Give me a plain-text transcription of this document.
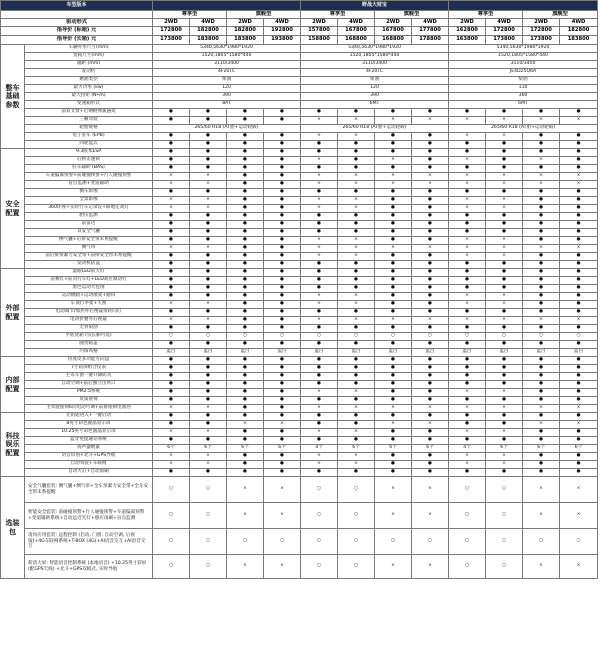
车型版本						野战大财宝							
		尊享型		旗舰型		尊享型		旗舰型		尊享型		旗舰型	
驱动形式		2WD	4WD	2WD	4WD	2WD	4WD	2WD	4WD	2WD	4WD	2WD	4WD
指导价 (标箱) 元		172800	182800	182800	192800	157800	167800	167800	177800	162800	172800	172800	182800
指导价 (长箱) 元		173800	183800	183800	193800	158800	168800	168800	178800	163800	173800	173800	183800
整车基础参数	车辆外形尺寸(mm)	5340,5630*1980*1920				5340,5630*1980*1920				5340,5630*1980*1920			
	货箱尺寸(mm)	1520,1805*1580*440				1520,1805*1580*440				1520,1805*1580*440			
	轴距 (mm)	3110/3400				3110/3400				3110/3400			
	发动机	4F20TC				4F20TC				JE4D25Q6A			
	燃油类型	柴油				柴油				柴油			
	最大功率 (kw)	120				120				110			
	最大扭矩 (N•m)	390				390				360			
	变速箱形式	8AT				6MT				6MT			
	前双叉臂+后钢板弹簧悬架	●	●	●	●	●	●	●	●	●	●	●	●
	三厢驾驶	●	●	●	●	×	×	×	×	×	×	×	×
	轮胎规格	265/60 R18 (AT胎+运动轮毂)				265/60 R18 (AT胎+运动轮毂)				265/60 R18 (AT胎+运动轮毂)			
	电子驻车 (EPB)	●	●	●	●	×	×	●	●	×	×	●	●
	四轮盘式	●	●	●	●	●	●	●	●	●	●	●	●
安全配置	9.3版本ESP	●	●	●	●	●	●	●	●	●	●	●	●
	后桥差速锁	●	●	●	●	×	●	×	●	×	●	×	●
	驻车辅助 (BAS)	●	●	●	●	●	●	●	●	●	●	●	●
	车道偏离预警+前碰撞预警+行人碰撞预警	×	×	●	●	×	×	×	×	×	×	×	×
	盲点监测+变道辅助	×	×	●	●	×	×	×	×	×	×	×	×
	倒车影像	●	●	●	●	●	●	●	●	●	●	●	●
	全景影像	×	×	●	●	×	×	●	●	×	×	●	●
	360环视+实时行车记录仪+限地定高灯	×	×	●	●	×	×	●	●	×	×	●	●
	胎压监测	●	●	●	●	●	●	●	●	●	●	●	●
	前雷达	●	●	●	●	●	●	●	●	●	●	●	●
	双安全气囊	●	●	●	●	●	●	●	●	●	●	●	●
	侧气囊+后排安全带未系提醒	●	●	●	●	×	×	●	●	×	×	●	●
	侧气帘	×	×	●	●	×	×	×	×	×	×	×	×
	前后排预紧力安全带+前排安全带未系提醒	●	●	●	●	×	×	●	●	×	×	●	●
	发动机防盗	●	●	●	●	●	●	●	●	●	●	●	●
外部配置	蓝眼LED前大灯	●	●	●	●	●	●	●	●	●	●	●	●
	前雾灯+前向行车灯+LED高位制动灯	●	●	●	●	●	●	●	●	●	●	●	●
	黑色运动大包围	●	●	●	●	●	●	●	●	●	●	●	●
	运动侧踏+运动滚架+踏钩	●	●	●	●	×	×	●	●	×	×	●	●
	车顶行李架+天窗	×	×	●	●	×	×	●	●	×	×	●	●
	电动调节/加热外后视镜带转向灯	●	●	●	●	●	●	●	●	●	●	●	●
	电动折叠外后视镜	×	×	●	●	×	×	×	×	×	×	×	×
	无骨雨刮	●	●	●	●	●	●	●	●	●	●	●	●
	平底货箱 (仅长厢可选)	○	○	○	○	○	○	○	○	○	○	○	○
	随货箱盖	●	●	●	●	●	●	●	●	●	●	●	●
	内饰风格	蓝白	蓝白	蓝白	蓝白	蓝白	蓝白	蓝白	蓝白	蓝白	蓝白	蓝白	蓝白
内部配置	仿真皮多功能方向盘	●	●	●	●	●	●	●	●	●	●	●	●
	7寸彩屏组合仪表	●	●	●	●	●	●	●	●	●	●	●	●
	主驾车窗一键升降防夹	●	●	●	●	●	●	●	●	●	●	●	●
	自动空调+前后独立出风口	●	●	●	●	●	●	●	●	●	●	●	●
	PM2.5系统	●	●	●	●	×	×	●	●	×	×	●	●
	皮质座椅	●	●	●	●	●	●	●	●	●	●	●	●
	主驾驶座椅6向电动可调+前排座椅电加热	×	×	●	●	×	×	×	×	×	×	×	×
科技娱乐配置	无钥匙进入+一键启动	●	●	●	●	●	●	●	●	●	●	●	●
	8英寸彩色液晶显示屏	●	●	×	×	●	●	×	×	●	●	×	×
	10.25英寸彩色液晶显示屏	×	×	●	●	×	×	●	●	×	×	●	●
	蓝牙免提通话系统	●	●	●	●	●	●	●	●	●	●	●	●
	扬声器数量	6个	6个	6个	6个	4个	6个	6个	6个	4个	6个	6个	6个
	语音识别+北斗+GPS导航	×	×	●	●	×	×	●	●	×	×	●	●
	自动驾驶+车联网	×	×	●	●	×	×	●	●	×	×	●	●
	自动大灯+自动雨刷	●	●	●	●	●	●	●	●	●	●	●	●
选装包	安全气囊套装: 侧气囊+侧气帘+全车预紧力安全带+全车安全带未系提醒	○	○	×	×	○	○	×	×	○	○	×	×
	智能安全套装: 前碰撞预警+行人碰撞预警+车道偏离预警+变道辅助系统+自动远近光灯+感应雨刷+盲点监测	○	○	×	×	○	○	×	×	○	○	×	×
	请风应用套装: 远程控制 (启动, 门窗, 自动空调, 后视镜)+4G车联网系统+T-BOX (4G)+AI语音交互+AI语音交互	○	○	○	○	○	○	○	○	○	○	○	○
	荷清大屏: 智能语音控制系统 (本地语音) +10.25英寸彩屏 (配GPS天线) +北斗+GPS双模式, 实时导航	○	○	×	×	○	○	×	×	○	○	×	×
